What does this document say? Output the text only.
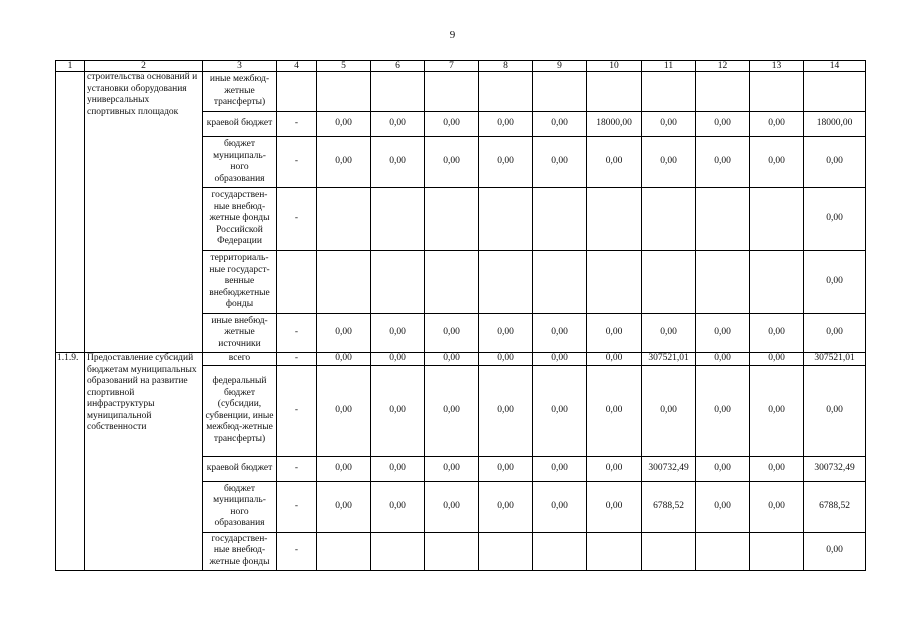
9
1	2	3	4	5	6	7	8	9	10	11	12	13	14
	строительства оснований и установки оборудования универсальных спортивных площадок	иные межбюд-жетные трансферты)											
		краевой бюджет	-	0,00	0,00	0,00	0,00	0,00	18000,00	0,00	0,00	0,00	18000,00
		бюджет муниципаль-ного образования	-	0,00	0,00	0,00	0,00	0,00	0,00	0,00	0,00	0,00	0,00
		государствен-ные внебюд-жетные фонды Российской Федерации	-										0,00
		территориаль-ные государст-венные внебюджетные фонды											0,00
		иные внебюд-жетные источники	-	0,00	0,00	0,00	0,00	0,00	0,00	0,00	0,00	0,00	0,00
1.1.9.	Предоставление субсидий бюджетам муниципальных образований на развитие спортивной инфраструктуры муниципальной собственности	всего	-	0,00	0,00	0,00	0,00	0,00	0,00	307521,01	0,00	0,00	307521,01
		федеральный бюджет (субсидии, субвенции, иные межбюд-жетные трансферты)	-	0,00	0,00	0,00	0,00	0,00	0,00	0,00	0,00	0,00	0,00
		краевой бюджет	-	0,00	0,00	0,00	0,00	0,00	0,00	300732,49	0,00	0,00	300732,49
		бюджет муниципаль-ного образования	-	0,00	0,00	0,00	0,00	0,00	0,00	6788,52	0,00	0,00	6788,52
		государствен-ные внебюд-жетные фонды	-										0,00
